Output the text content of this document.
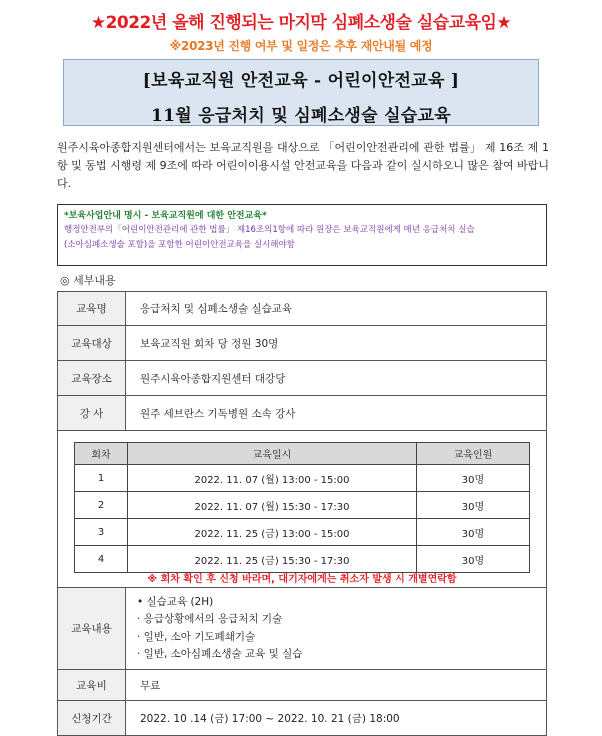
★2022년 올해 진행되는 마지막 심폐소생술 실습교육임★
※2023년 진행 여부 및 일정은 추후 재안내될 예정
[보육교직원 안전교육 - 어린이안전교육 ]
11월 응급처치 및 심폐소생술 실습교육
원주시육아종합지원센터에서는 보육교직원을 대상으로 「어린이안전관리에 관한 법률」 제 16조 제 1항 및 동법 시행령 제 9조에 따라 어린이이용시설 안전교육을 다음과 같이 실시하오니 많은 참여 바랍니다.
*보육사업안내 명시 - 보육교직원에 대한 안전교육*
행정안전부의「어린이안전관리에 관한 법률」 제16조의1항에 따라 원장은 보육교직원에게 매년 응급처치 실습
(소아심폐소생술 포함)을 포함한 어린이안전교육을 실시해야함
◎ 세부내용
교육명	응급처치 및 심폐소생술 실습교육
교육대상	보육교직원 회차 당 정원 30명
교육장소	원주시육아종합지원센터 대강당
강 사	원주 세브란스 기독병원 소속 강사

회차	교육일시	교육인원
1	2022. 11. 07 (월) 13:00 - 15:00	30명
2	2022. 11. 07 (월) 15:30 - 17:30	30명
3	2022. 11. 25 (금) 13:00 - 15:00	30명
4	2022. 11. 25 (금) 15:30 - 17:30	30명
※ 회차 확인 후 신청 바라며, 대기자에게는 취소자 발생 시 개별연락함

교육내용	
• 실습교육 (2H)
· 응급상황에서의 응급처치 기술
· 일반, 소아 기도폐쇄기술
· 일반, 소아심폐소생술 교육 및 실습

교육비	무료
신청기간	2022. 10 .14 (금) 17:00 ~ 2022. 10. 21 (금) 18:00
